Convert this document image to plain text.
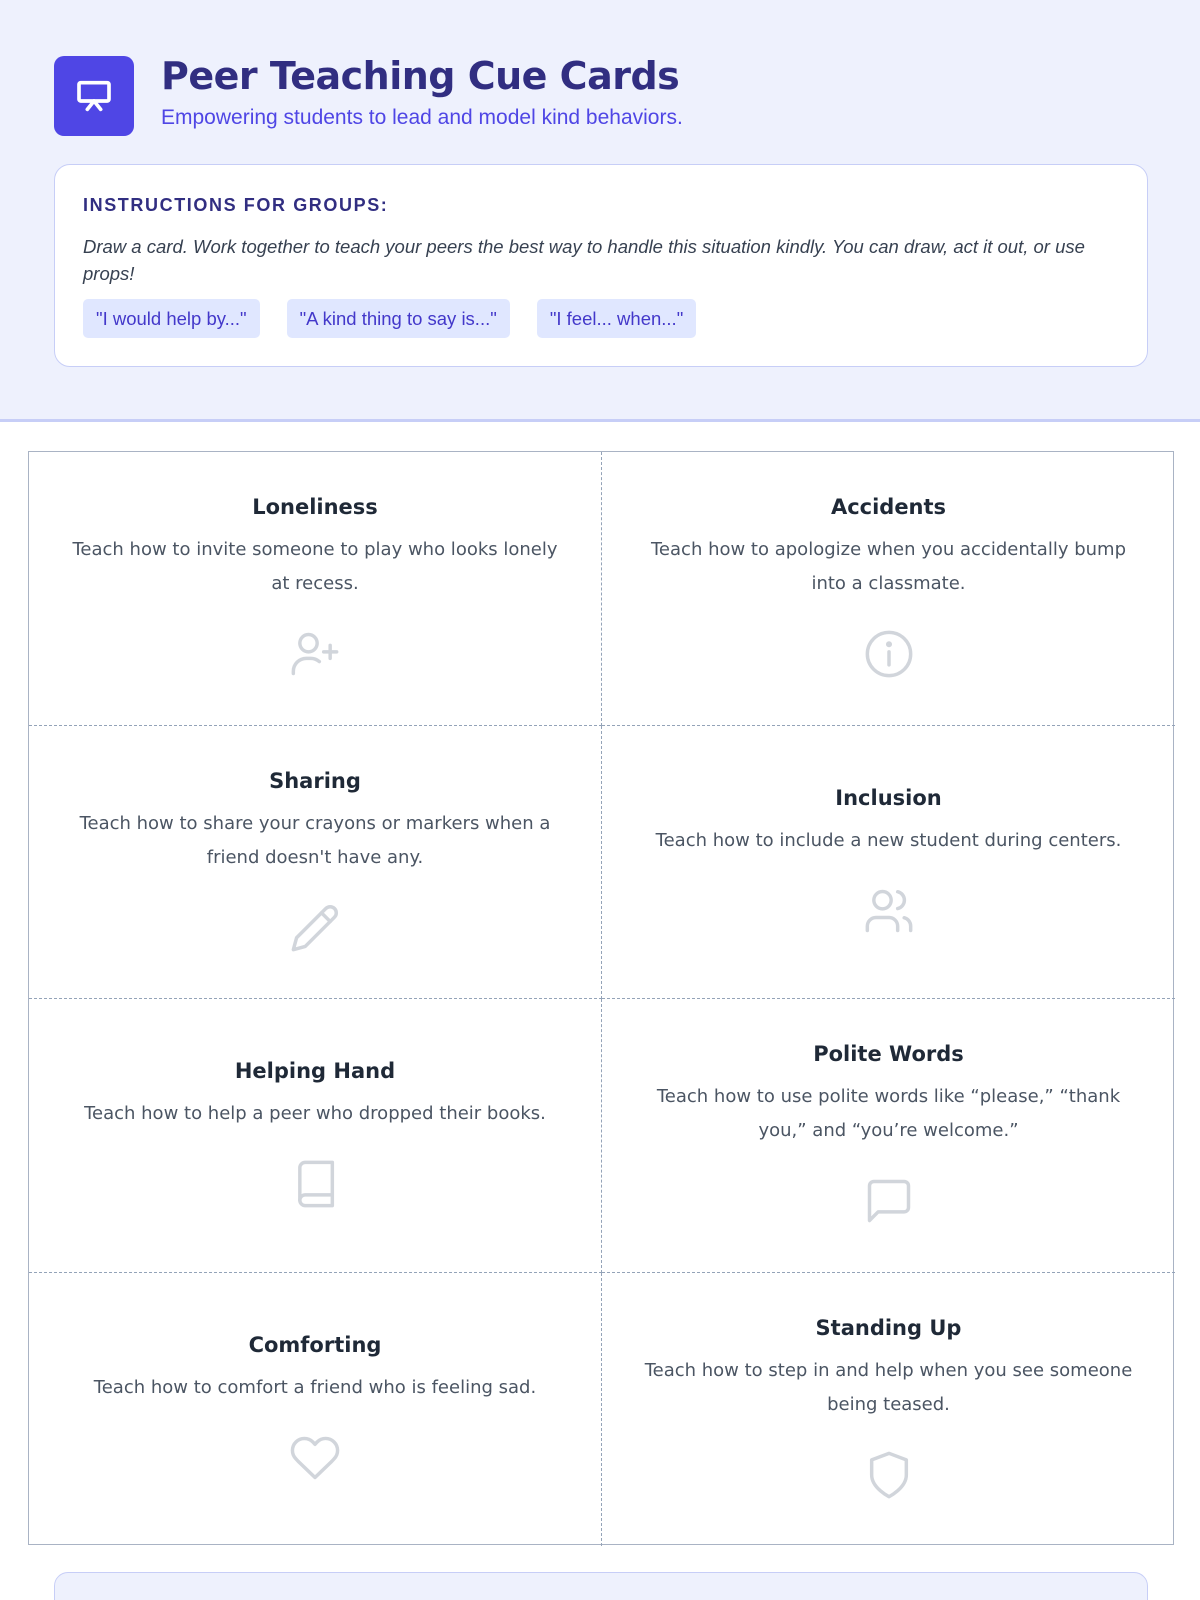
Peer Teaching Cue Cards
Empowering students to lead and model kind behaviors.
INSTRUCTIONS FOR GROUPS:
Draw a card. Work together to teach your peers the best way to handle this situation kindly. You can draw, act it out, or use props!
"I would help by..."	"A kind thing to say is..."	"I feel... when..."
Loneliness
Teach how to invite someone to play who looks lonely at recess.
Accidents
Teach how to apologize when you accidentally bump into a classmate.
Sharing
Teach how to share your crayons or markers when a friend doesn't have any.
Inclusion
Teach how to include a new student during centers.
Helping Hand
Teach how to help a peer who dropped their books.
Polite Words
Teach how to use polite words like “please,” “thank you,” and “you’re welcome.”
Comforting
Teach how to comfort a friend who is feeling sad.
Standing Up
Teach how to step in and help when you see someone being teased.
